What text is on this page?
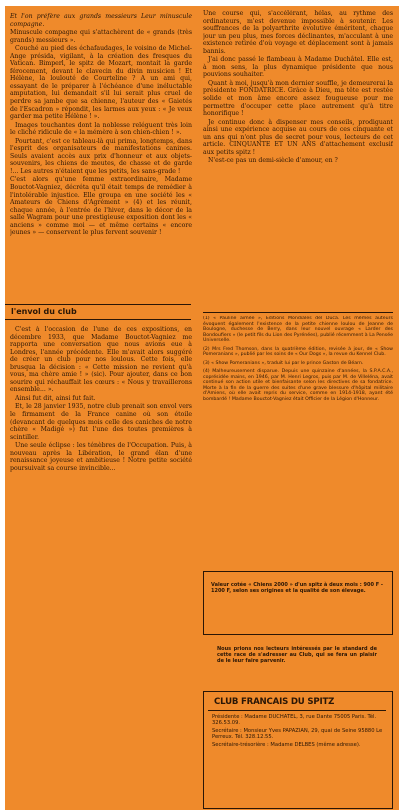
Et l'on préfère aux grands messieurs Leur minuscule compagne.

Minuscule compagne qui s'attachèrent de « grands (très grands) messieurs ».

Couché au pied des échafaudages, le voisino de Michel-Ange présida, vigilant, à la création des fresques du Vatican. Bimperl, le spitz de Mozart, montait la garde férocement, devant le clavecin du divin musicien ! Et Hélène, la loulouté de Courteline ? A un ami qui, essayant de le préparer à l'échéance d'une inéluctable amputation, lui demandait s'il lui serait plus cruel de perdre sa jambe que sa chienne, l'auteur des « Gaietés de l'Escadron » répondit, les larmes aux yeux : « Je veux garder ma petite Hélène ! ».

Images touchantes dont la noblesse reléguent très loin le cliché ridicule de « la mémère à son chien-chien ! ».

Pourtant, c'est ce tableau-là qui prima, longtemps, dans l'esprit des organisateurs de manifestations canines. Seuls avaient accès aux prix d'honneur et aux objets-souvenirs, les chiens de meutes, de chasse et de garde !... Les autres n'étaient que les petits, les sans-grade !

C'est alors qu'une femme extraordinaire, Madame Bouctot-Vagniez, décréta qu'il était temps de remédier à l'intolérable injustice. Elle groupa en une société les « Amateurs de Chiens d'Agrément » (4) et les réunit, chaque année, à l'entrée de l'hiver, dans le décor de la salle Wagram pour une prestigieuse exposition dont les « anciens » comme moi — et même certains « encore jeunes » — conservent le plus fervent souvenir !

l'envol du club

C'est à l'occasion de l'une de ces expositions, en décembre 1933, que Madame Bouctot-Vagniez me rapporta une conversation que nous avions eue à Londres, l'année précédente. Elle m'avait alors suggéré de créer un club pour nos loulous. Cette fois, elle brusqua la décision : « Cette mission ne revient qu'à vous, ma chère amie ! » (sic). Pour ajouter, dans ce bon sourire qui réchauffait les cœurs : « Nous y travaillerons ensemble... ».

Ainsi fut dit, ainsi fut fait.

Et, le 28 janvier 1935, notre club prenait son envol vers le firmament de la France canine où son étoile (devancant de quelques mois celle des caniches de notre chère « Madigé ») fut l'une des toutes premières à scintiller.

Une seule éclipse : les ténèbres de l'Occupation. Puis, à nouveau après la Libération, le grand élan d'une renaissance joyeuse et ambitieuse ! Notre petite société poursuivait sa course invincible...

Une course qui, s'accélérant, hélas, au rythme des ordinateurs, m'est devenue impossible à soutenir. Les souffrances de la polyarthrite évolutive éméritent, chaque jour un peu plus, mes forces déclinantes, m'acculant à une existence retirée d'où voyage et déplacement sont à jamais bannis.

J'ai donc passé le flambeau à Madame Duchâtel. Elle est, à mon sens, la plus dynamique présidente que nous pouvions souhaiter.

Quant à moi, jusqu'à mon dernier souffle, je demeurerai la présidente FONDATRICE. Grâce à Dieu, ma tête est restée solide et mon âme encore assez fougueuse pour me permettre d'occuper cette place autrement qu'à titre honorifique !

Je continue donc à dispenser mes conseils, prodiguant ainsi une expérience acquise au cours de ces cinquante et un ans qui n'ont plus de secret pour vous, lecteurs de cet article. CINQUANTE ET UN ANS d'attachement exclusif aux petits spitz !

N'est-ce pas un demi-siècle d'amour, en ?

(1) « Pauline aimée », Editions Mondiales del Duca. Les mêmes auteurs évoquent également l'existence de la petite chienne loulou de Jeanne de Boulogne, duchesse de Berry, dans leur nouvel ouvrage « Larder des Bondoufiers » (le petit fils du Lion des Pyrénées), publié récemment à La Pensée Universelle.

(2) Mrs Fred Thomson, dans la quatrième édition, revisée à jour, de « Show Pomeranians », publié par les soins de « Our Dogs », la revue du Kennel Club.

(3) « Show Pomeranians », traduit lui par le prince Gaston de Béarn.

(4) Malheureusement disparue. Depuis une quinzaine d'années, la S.P.A.C.A., coprésidée mains, en 1946, par M. Henri Legros, puis par M. de Villeléna, avait continué son action utile et bienfaisante selon les directives de sa fondatrice. Morte à la fin de la guerre des suites d'une grave blessure d'hôpital militaire d'Amiens, où elle avait repris du service, comme en 1914-1918, ayant été bombardé ! Madame Bouctot-Vagniez était Officier de la Légion d'Honneur.

Valeur cotée « Chiens 2000 » d'un spitz à deux mois : 900 F - 1200 F, selon ses origines et la qualité de son élevage.
Nous prions nos lecteurs intéressés par le standard de cette race de s'adresser au Club, qui se fera un plaisir de le leur faire parvenir.
CLUB FRANCAIS DU SPITZ

Présidente : Madame DUCHATEL, 3, rue Dante 75005 Paris. Tél. 326.53.09.

Secrétaire : Monsieur Yves PAPAZIAN, 29, quai de Seine 95880 Le Perreux. Tél. 328.12.55.

Secrétaire-trésorière : Madame DELBES (même adresse).
